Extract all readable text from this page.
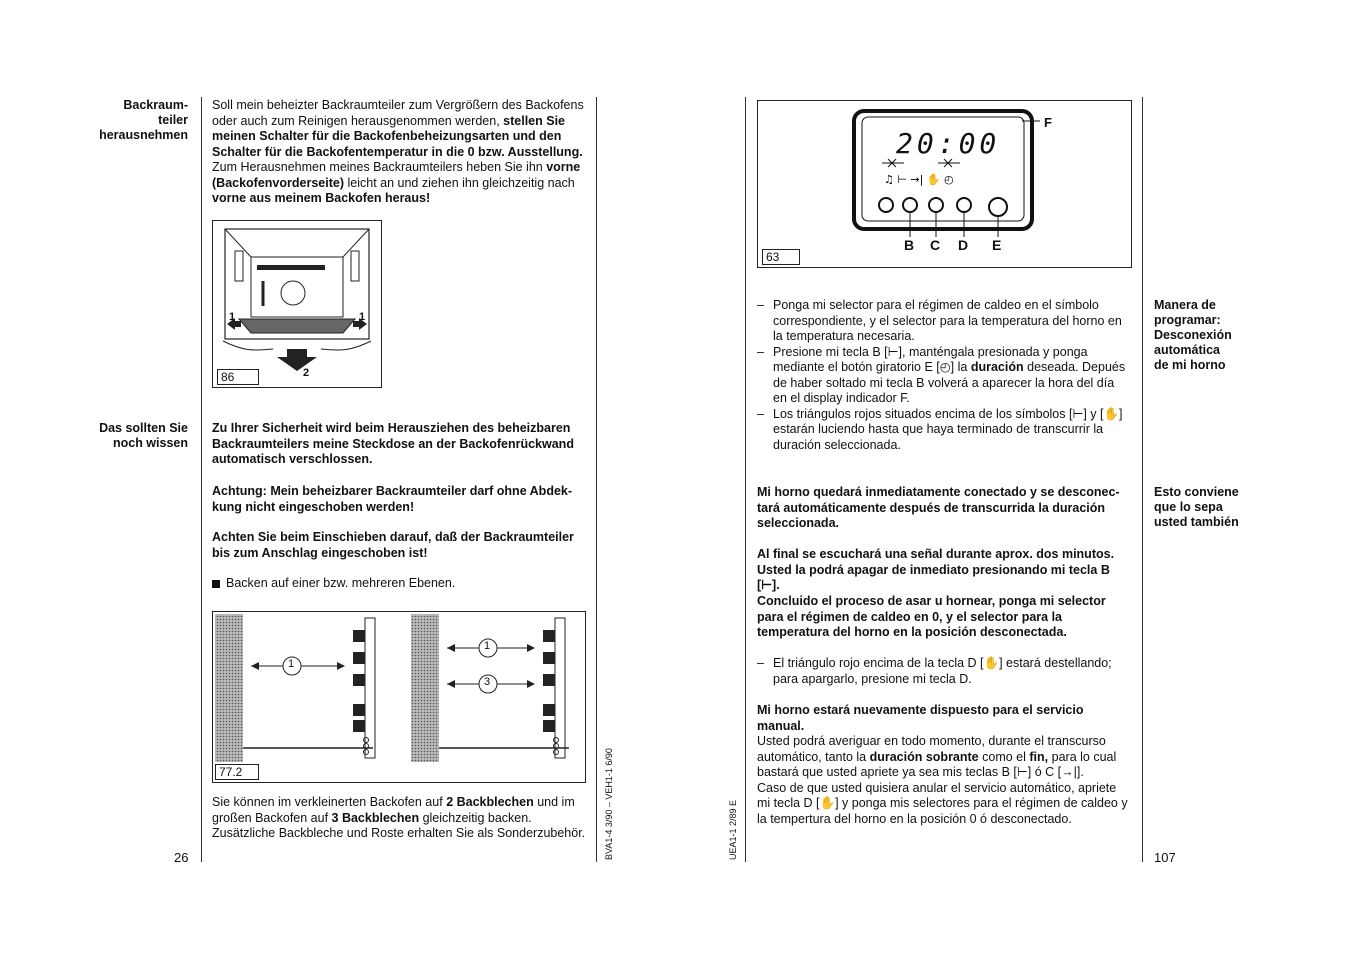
Backraum-
teiler
herausnehmen
Soll mein beheizter Backraumteiler zum Vergrößern des Backofens oder auch zum Reinigen herausgenommen werden, stellen Sie meinen Schalter für die Backofenbeheizungsarten und den Schalter für die Backofentemperatur in die 0 bzw. Ausstellung. Zum Herausnehmen meines Backraumteilers heben Sie ihn vorne (Backofenvorderseite) leicht an und ziehen ihn gleichzeitig nach vorne aus meinem Backofen heraus!
1	1
2
86
Das sollten Sie
noch wissen
Zu Ihrer Sicherheit wird beim Herausziehen des beheizbaren Backraumteilers meine Steckdose an der Backofenrückwand automatisch verschlossen.
Achtung: Mein beheizbarer Backraumteiler darf ohne Abdek-kung nicht eingeschoben werden!
Achten Sie beim Einschieben darauf, daß der Backraumteiler bis zum Anschlag eingeschoben ist!
Backen auf einer bzw. mehreren Ebenen.
1
1
3
77.2
Sie können im verkleinerten Backofen auf 2 Backblechen und im großen Backofen auf 3 Backblechen gleichzeitig backen. Zusätzliche Backbleche und Roste erhalten Sie als Sonderzubehör.
26	BVA1-4 3/90 – VEH1-1 6/90	UEA1-1 2/89 E
♫ ⊢ →| ✋ ◴
20:00
F
B C D E
63
Manera de
programar:
Desconexión
automática
de mi horno
– Ponga mi selector para el régimen de caldeo en el símbolo correspondiente, y el selector para la temperatura del horno en la temperatura necesaria.
– Presione mi tecla B [⊢], manténgala presionada y ponga mediante el botón giratorio E [◴] la duración deseada. Depués de haber soltado mi tecla B volverá a aparecer la hora del día en el display indicador F.
– Los triángulos rojos situados encima de los símbolos [⊢] y [✋] estarán luciendo hasta que haya terminado de transcurrir la duración seleccionada.
Esto conviene
que lo sepa
usted también
Mi horno quedará inmediatamente conectado y se desconec-tará automáticamente después de transcurrida la duración seleccionada.
Al final se escuchará una señal durante aprox. dos minutos. Usted la podrá apagar de inmediato presionando mi tecla B [⊢].
Concluido el proceso de asar u hornear, ponga mi selector para el régimen de caldeo en 0, y el selector para la temperatura del horno en la posición desconectada.
– El triángulo rojo encima de la tecla D [✋] estará destellando; para apargarlo, presione mi tecla D.
Mi horno estará nuevamente dispuesto para el servicio manual.
Usted podrá averiguar en todo momento, durante el transcurso automático, tanto la duración sobrante como el fin, para lo cual bastará que usted apriete ya sea mis teclas B [⊢] ó C [→|].
Caso de que usted quisiera anular el servicio automático, apriete mi tecla D [✋] y ponga mis selectores para el régimen de caldeo y la tempertura del horno en la posición 0 ó desconectado.
107
